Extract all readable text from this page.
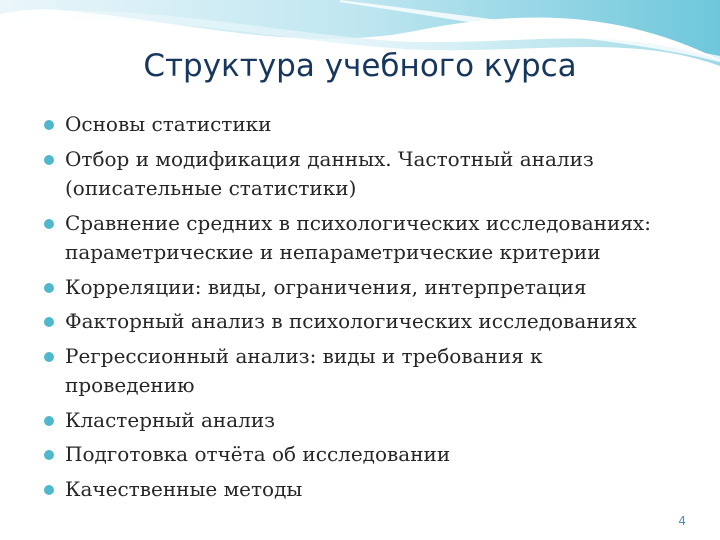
Структура учебного курса
Основы статистики
Отбор и модификация данных. Частотный анализ
(описательные статистики)
Сравнение средних в психологических исследованиях:
параметрические и непараметрические критерии
Корреляции: виды, ограничения, интерпретация
Факторный анализ в психологических исследованиях
Регрессионный анализ: виды и требования к
проведению
Кластерный анализ
Подготовка отчёта об исследовании
Качественные методы
4
